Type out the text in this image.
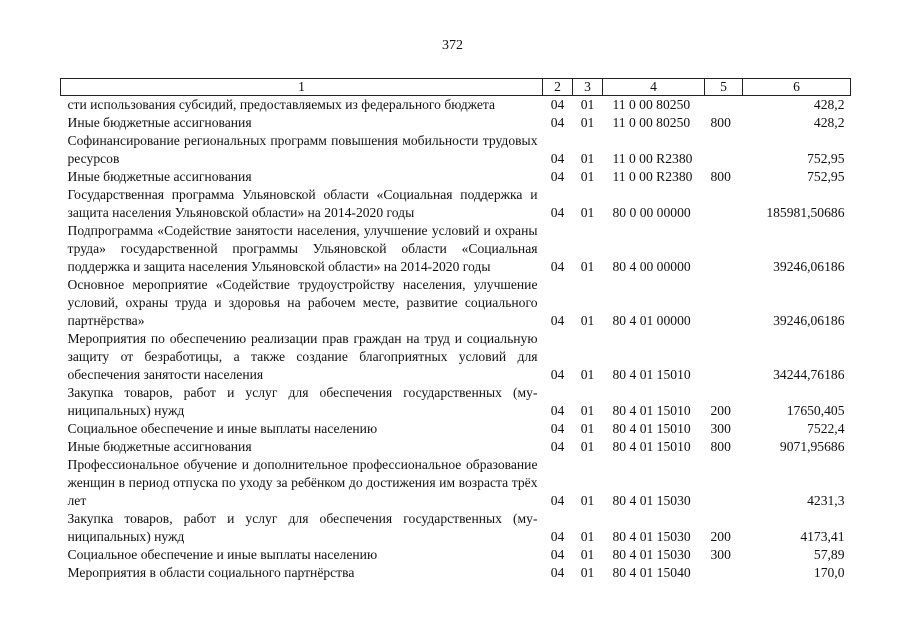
372
1	2	3	4	5	6
сти использования субсидий, предоставляемых из федерального бюджета	04	01	11 0 00 80250		428,2
Иные бюджетные ассигнования	04	01	11 0 00 80250	800	428,2
Софинансирование региональных программ повышения мобильности трудовых ресурсов	04	01	11 0 00 R2380		752,95
Иные бюджетные ассигнования	04	01	11 0 00 R2380	800	752,95
Государственная программа Ульяновской области «Социальная поддержка и защита населения Ульяновской области» на 2014-2020 годы	04	01	80 0 00 00000		185981,50686
Подпрограмма «Содействие занятости населения, улучшение условий и охраны труда» государственной программы Ульяновской области «Социальная поддержка и защита населения Ульяновской области» на 2014-2020 годы	04	01	80 4 00 00000		39246,06186
Основное мероприятие «Содействие трудоустройству населения, улучшение условий, охраны труда и здоровья на рабочем месте, развитие социального партнёрства»	04	01	80 4 01 00000		39246,06186
Мероприятия по обеспечению реализации прав граждан на труд и социальную защиту от безработицы, а также создание благоприятных условий для обеспечения занятости населения	04	01	80 4 01 15010		34244,76186
Закупка товаров, работ и услуг для обеспечения государственных (муниципальных) нужд	04	01	80 4 01 15010	200	17650,405
Социальное обеспечение и иные выплаты населению	04	01	80 4 01 15010	300	7522,4
Иные бюджетные ассигнования	04	01	80 4 01 15010	800	9071,95686
Профессиональное обучение и дополнительное профессиональное образование женщин в период отпуска по уходу за ребёнком до достижения им возраста трёх лет	04	01	80 4 01 15030		4231,3
Закупка товаров, работ и услуг для обеспечения государственных (муниципальных) нужд	04	01	80 4 01 15030	200	4173,41
Социальное обеспечение и иные выплаты населению	04	01	80 4 01 15030	300	57,89
Мероприятия в области социального партнёрства	04	01	80 4 01 15040		170,0
